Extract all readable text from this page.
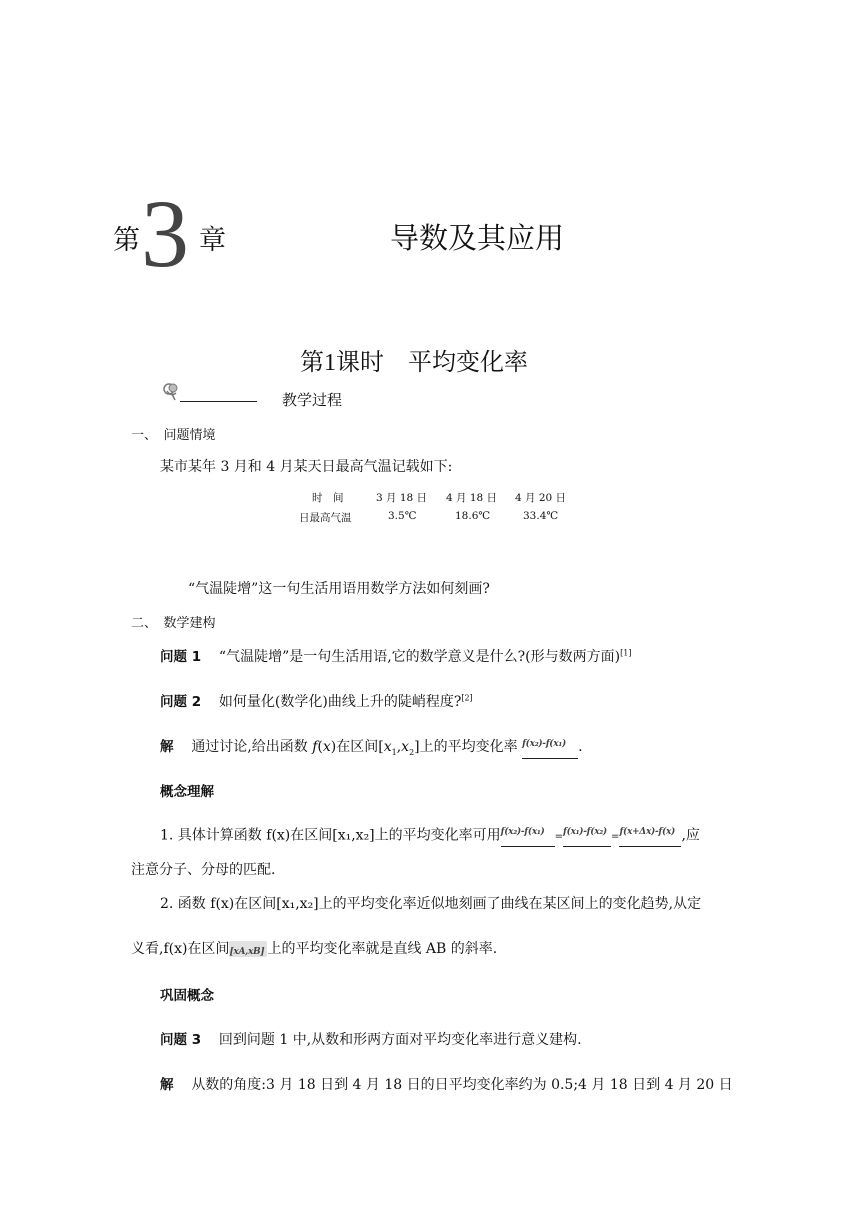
第 3 章	导数及其应用
第1课时　平均变化率
教学过程
一、　问题情境
某市某年 3 月和 4 月某天日最高气温记载如下:
时　间	3 月 18 日 4 月 18 日 4 月 20 日
日最高气温	3.5℃	18.6℃	33.4℃
“气温陡增”这一句生活用语用数学方法如何刻画?
二、　数学建构
问题 1 “气温陡增”是一句生活用语,它的数学意义是什么?(形与数两方面)[1]
问题 2 如何量化(数学化)曲线上升的陡峭程度?[2]
解 通过讨论,给出函数 f(x)在区间$[x_1,x_2]$上的平均变化率 f(x₂)-f(x₁) .
概念理解
1. 具体计算函数 f(x)在区间[x₁,x₂]上的平均变化率可用f(x₂)-f(x₁) =f(x₁)-f(x₂) =f(x+Δx)-f(x) ,应
注意分子、分母的匹配.
2. 函数 f(x)在区间[x₁,x₂]上的平均变化率近似地刻画了曲线在某区间上的变化趋势,从定
义看,f(x)在区间[xA,xB] 上的平均变化率就是直线 AB 的斜率.
巩固概念
问题 3 回到问题 1 中,从数和形两方面对平均变化率进行意义建构.
解 从数的角度:3 月 18 日到 4 月 18 日的日平均变化率约为 0.5;4 月 18 日到 4 月 20 日
